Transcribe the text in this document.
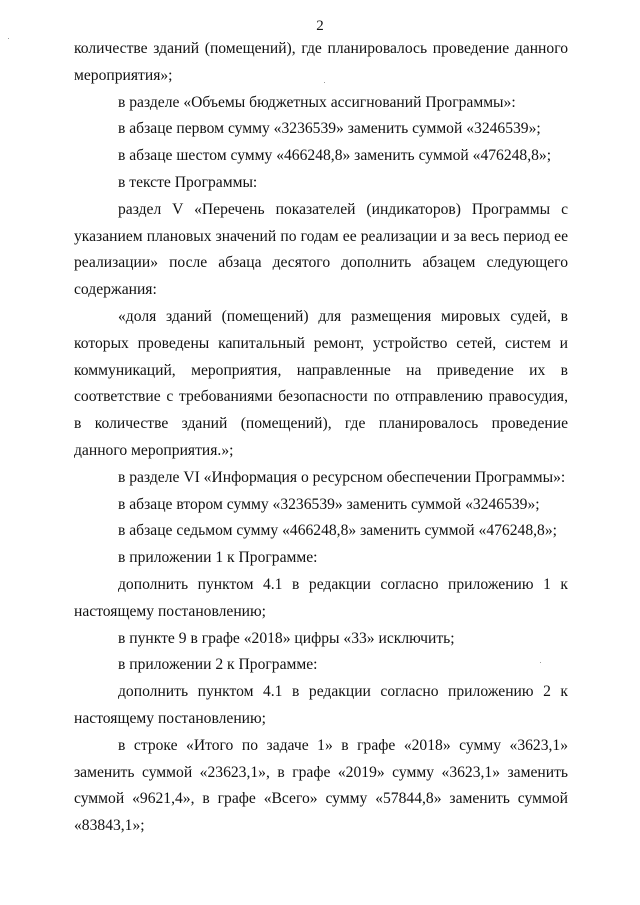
2

количестве зданий (помещений), где планировалось проведение данного мероприятия»;

в разделе «Объемы бюджетных ассигнований Программы»:

в абзаце первом сумму «3236539» заменить суммой «3246539»;

в абзаце шестом сумму «466248,8» заменить суммой «476248,8»;

в тексте Программы:

раздел V «Перечень показателей (индикаторов) Программы с указанием плановых значений по годам ее реализации и за весь период ее реализации» после абзаца десятого дополнить абзацем следующего содержания:

«доля зданий (помещений) для размещения мировых судей, в которых проведены капитальный ремонт, устройство сетей, систем и коммуникаций, мероприятия, направленные на приведение их в соответствие с требованиями безопасности по отправлению правосудия, в количестве зданий (помещений), где планировалось проведение данного мероприятия.»;

в разделе VI «Информация о ресурсном обеспечении Программы»:

в абзаце втором сумму «3236539» заменить суммой «3246539»;

в абзаце седьмом сумму «466248,8» заменить суммой «476248,8»;

в приложении 1 к Программе:

дополнить пунктом 4.1 в редакции согласно приложению 1 к настоящему постановлению;

в пункте 9 в графе «2018» цифры «33» исключить;

в приложении 2 к Программе:

дополнить пунктом 4.1 в редакции согласно приложению 2 к настоящему постановлению;

в строке «Итого по задаче 1» в графе «2018» сумму «3623,1» заменить суммой «23623,1», в графе «2019» сумму «3623,1» заменить суммой «9621,4», в графе «Всего» сумму «57844,8» заменить суммой «83843,1»;
